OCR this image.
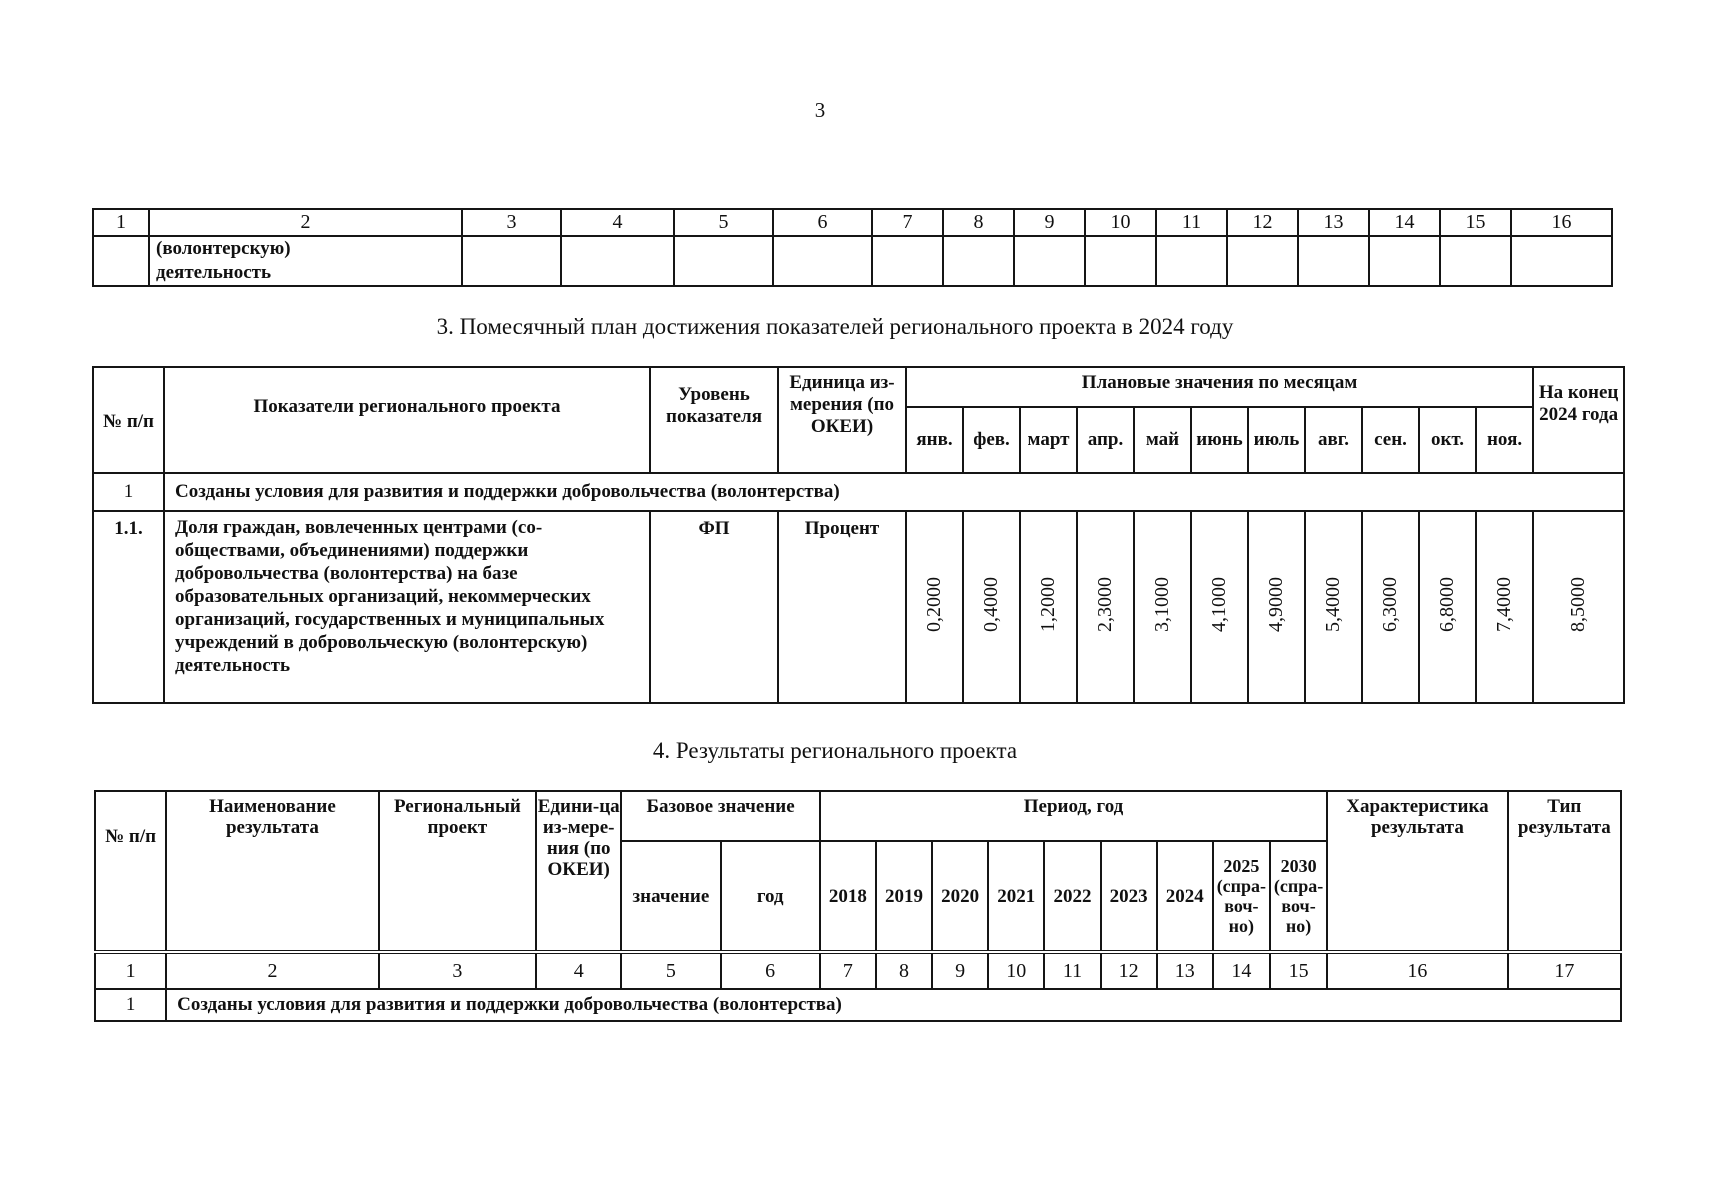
3
1	2	3	4	5	6	7	8	9	10	11	12	13	14	15	16

	(волонтерскую)
деятельность														

3. Помесячный план достижения показателей регионального проекта в 2024 году
№ п/п	Показатели регионального проекта	Уровень показателя	Единица из-мерения (по ОКЕИ)	Плановые значения по месяцам											На конец 2024 года
				янв.	фев.	март	апр.	май	июнь	июль	авг.	сен.	окт.	ноя.	
1	Созданы условия для развития и поддержки добровольчества (волонтерства)														
1.1.	Доля граждан, вовлеченных центрами (со-обществами, объединениями) поддержки добровольчества (волонтерства) на базе образовательных организаций, некоммерческих организаций, государственных и муниципальных учреждений в добровольческую (волонтерскую) деятельность	ФП	Процент	0,2000	0,4000	1,2000	2,3000	3,1000	4,1000	4,9000	5,4000	6,3000	6,8000	7,4000	8,5000
4. Результаты регионального проекта
№ п/п	Наименование результата	Региональный проект	Едини-ца из-мере-ния (по ОКЕИ)	Базовое значение		Период, год									Характеристика результата	Тип результата
				значение	год	2018	2019	2020	2021	2022	2023	2024	2025 (спра-воч-но)	2030 (спра-воч-но)		
1	2	3	4	5	6	7	8	9	10	11	12	13	14	15	16	17
1	Созданы условия для развития и поддержки добровольчества (волонтерства)															
